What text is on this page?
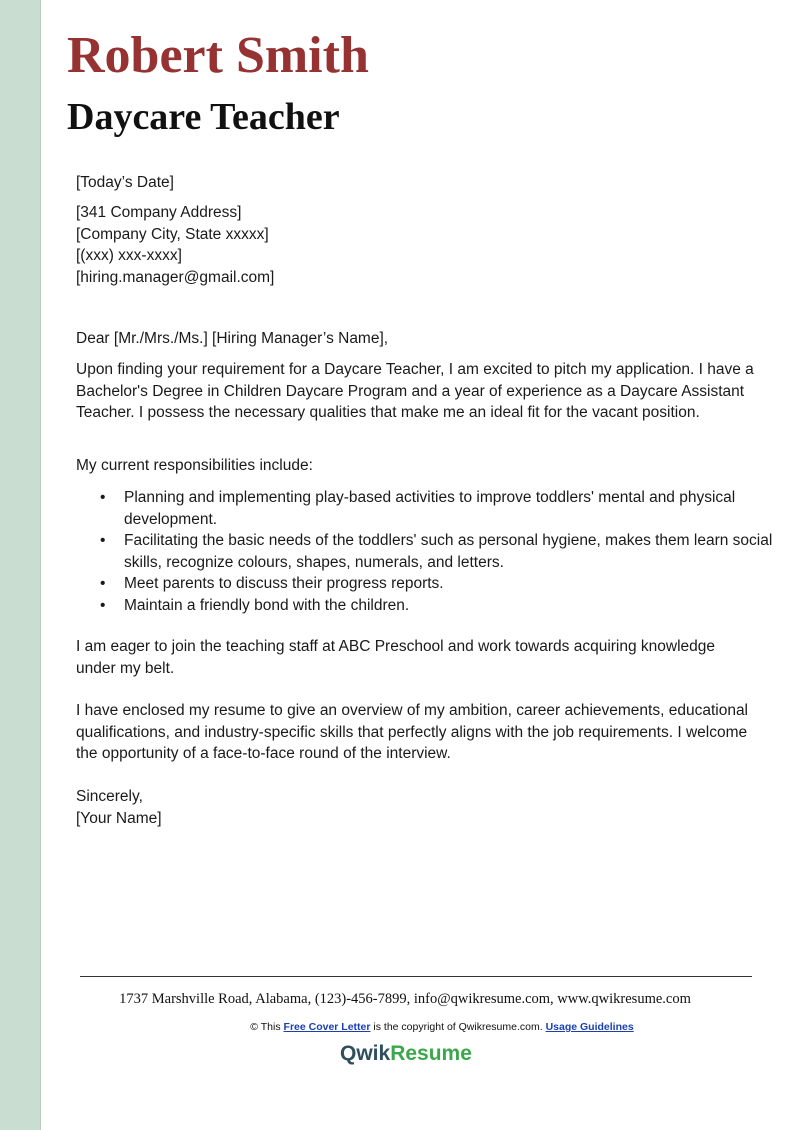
Robert Smith
Daycare Teacher
[Today’s Date]

[341 Company Address]

[Company City, State xxxxx]

[(xxx) xxx-xxxx]

[hiring.manager@gmail.com]

Dear [Mr./Mrs./Ms.] [Hiring Manager’s Name],
Upon finding your requirement for a Daycare Teacher, I am excited to pitch my application. I have a Bachelor's Degree in Children Daycare Program and a year of experience as a Daycare Assistant Teacher. I possess the necessary qualities that make me an ideal fit for the vacant position.
My current responsibilities include:
• Planning and implementing play-based activities to improve toddlers' mental and physical development.
• Facilitating the basic needs of the toddlers' such as personal hygiene, makes them learn social skills, recognize colours, shapes, numerals, and letters.
• Meet parents to discuss their progress reports.
• Maintain a friendly bond with the children.
I am eager to join the teaching staff at ABC Preschool and work towards acquiring knowledge under my belt.
I have enclosed my resume to give an overview of my ambition, career achievements, educational qualifications, and industry-specific skills that perfectly aligns with the job requirements. I welcome the opportunity of a face-to-face round of the interview.

Sincerely,

[Your Name]

1737 Marshville Road, Alabama, (123)-456-7899, info@qwikresume.com, www.qwikresume.com
© This Free Cover Letter is the copyright of Qwikresume.com. Usage Guidelines
QwikResume
